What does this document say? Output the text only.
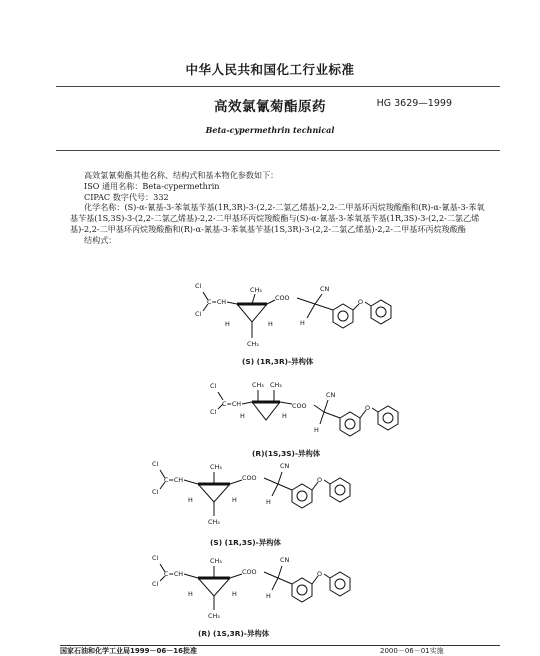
中华人民共和国化工行业标准
高效氯氰菊酯原药	HG 3629—1999
Beta-cypermethrin technical

高效氯氰菊酯其他名称、结构式和基本物化参数如下：

ISO 通用名称：Beta-cypermethrin

CIPAC 数字代号：332

化学名称：(S)-α-氰基-3-苯氧基苄基(1R,3R)-3-(2,2-二氯乙烯基)-2,2-二甲基环丙烷羧酸酯和(R)-α-氰基-3-苯氧基苄基(1S,3S)-3-(2,2-二氯乙烯基)-2,2-二甲基环丙烷羧酸酯与(S)-α-氰基-3-苯氧基苄基(1R,3S)-3-(2,2-二氯乙烯基)-2,2-二甲基环丙烷羧酸酯和(R)-α-氰基-3-苯氧基苄基(1S,3R)-3-(2,2-二氯乙烯基)-2,2-二甲基环丙烷羧酸酯

结构式：

Cl
Cl
C=CH
CH₃
CH₃
H	H
COO
CN
H
O
(S) (1R,3R)-异构体
Cl
Cl
C=CH
CH₃ CH₃
H	H
COO
CN
H
O
(R)(1S,3S)-异构体
Cl
Cl
C=CH
CH₃
CH₃
H	H
COO
CN
H
O
(S) (1R,3S)-异构体
Cl
Cl
C=CH
CH₃
CH₃
H	H
COO
CN
H
O
(R) (1S,3R)-异构体
国家石油和化学工业局1999－06－16批准	2000－06－01实施
